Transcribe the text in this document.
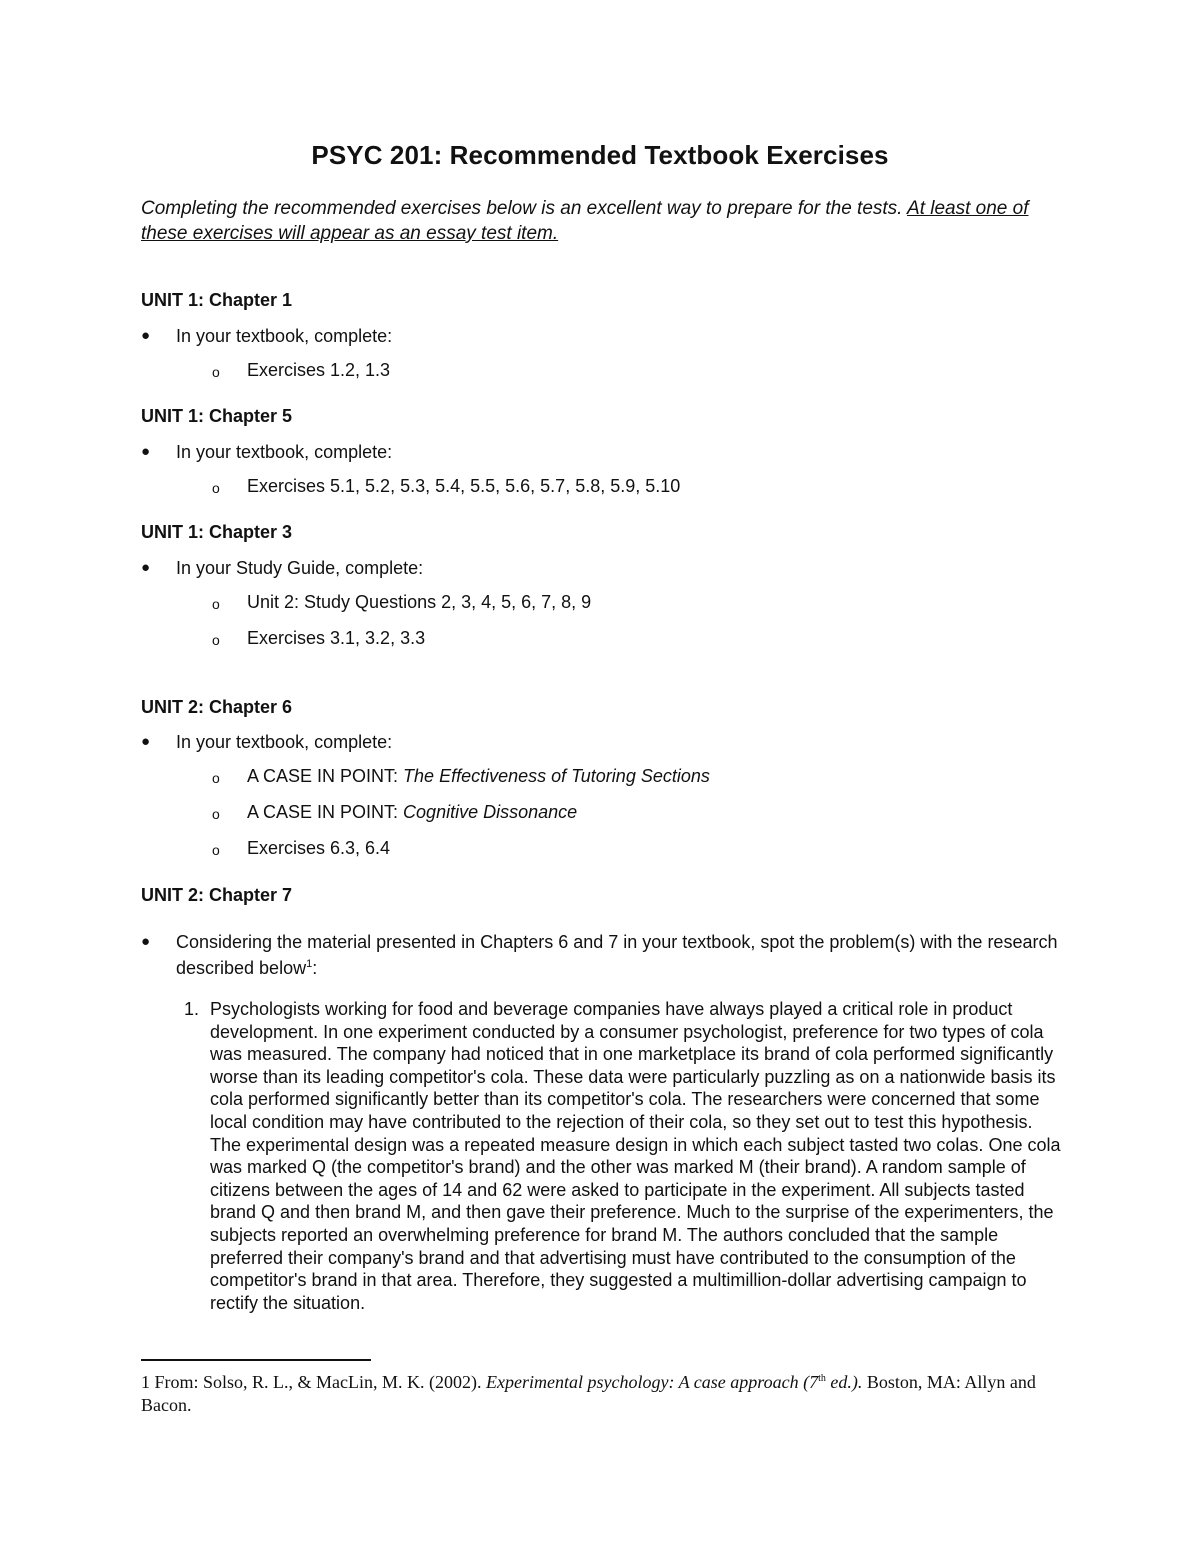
PSYC 201: Recommended Textbook Exercises

Completing the recommended exercises below is an excellent way to prepare for the tests. At least one of these exercises will appear as an essay test item.

UNIT 1: Chapter 1
●	In your textbook, complete:
o Exercises 1.2, 1.3
UNIT 1: Chapter 5
●	In your textbook, complete:
o Exercises 5.1, 5.2, 5.3, 5.4, 5.5, 5.6, 5.7, 5.8, 5.9, 5.10
UNIT 1: Chapter 3
●	In your Study Guide, complete:
o Unit 2: Study Questions 2, 3, 4, 5, 6, 7, 8, 9
o Exercises 3.1, 3.2, 3.3
UNIT 2: Chapter 6
●	In your textbook, complete:
o A CASE IN POINT: The Effectiveness of Tutoring Sections
o A CASE IN POINT: Cognitive Dissonance
o Exercises 6.3, 6.4
UNIT 2: Chapter 7
● Considering the material presented in Chapters 6 and 7 in your textbook, spot the problem(s) with the research described below$^1$:
1. Psychologists working for food and beverage companies have always played a critical role in product development. In one experiment conducted by a consumer psychologist, preference for two types of cola was measured. The company had noticed that in one marketplace its brand of cola performed significantly worse than its leading competitor's cola. These data were particularly puzzling as on a nationwide basis its cola performed significantly better than its competitor's cola. The researchers were concerned that some local condition may have contributed to the rejection of their cola, so they set out to test this hypothesis. The experimental design was a repeated measure design in which each subject tasted two colas. One cola was marked Q (the competitor's brand) and the other was marked M (their brand). A random sample of citizens between the ages of 14 and 62 were asked to participate in the experiment. All subjects tasted brand Q and then brand M, and then gave their preference. Much to the surprise of the experimenters, the subjects reported an overwhelming preference for brand M. The authors concluded that the sample preferred their company's brand and that advertising must have contributed to the consumption of the competitor's brand in that area. Therefore, they suggested a multimillion-dollar advertising campaign to rectify the situation.
1 From: Solso, R. L., & MacLin, M. K. (2002). Experimental psychology: A case approach (7th ed.). Boston, MA: Allyn and Bacon.
